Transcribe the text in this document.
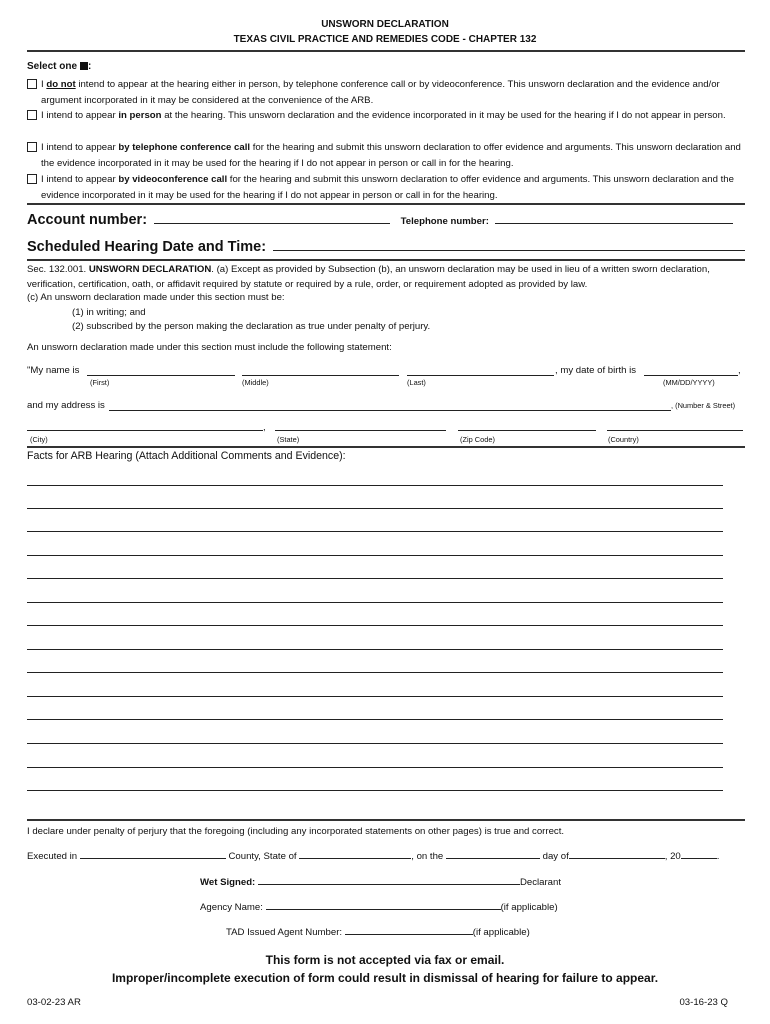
UNSWORN DECLARATION
TEXAS CIVIL PRACTICE AND REMEDIES CODE - CHAPTER 132
Select one :
I do not intend to appear at the hearing either in person, by telephone conference call or by videoconference. This unsworn declaration and the evidence and/or argument incorporated in it may be considered at the convenience of the ARB.
I intend to appear in person at the hearing. This unsworn declaration and the evidence incorporated in it may be used for the hearing if I do not appear in person.
I intend to appear by telephone conference call for the hearing and submit this unsworn declaration to offer evidence and arguments. This unsworn declaration and the evidence incorporated in it may be used for the hearing if I do not appear in person or call in for the hearing.
I intend to appear by videoconference call for the hearing and submit this unsworn declaration to offer evidence and arguments. This unsworn declaration and the evidence incorporated in it may be used for the hearing if I do not appear in person or call in for the hearing.
Account number:	Telephone number:
Scheduled Hearing Date and Time:
Sec. 132.001. UNSWORN DECLARATION. (a) Except as provided by Subsection (b), an unsworn declaration may be used in lieu of a written sworn declaration, verification, certification, oath, or affidavit required by statute or required by a rule, order, or requirement adopted as provided by law.
(c) An unsworn declaration made under this section must be:
(1) in writing; and
(2) subscribed by the person making the declaration as true under penalty of perjury.
An unsworn declaration made under this section must include the following statement:
"My name is	, my date of birth is	,
(First)	(Middle)	(Last)	(MM/DD/YYYY)
and my address is	, (Number & Street)
,
(City)	(State)	(Zip Code)	(Country)
Facts for ARB Hearing (Attach Additional Comments and Evidence):
I declare under penalty of perjury that the foregoing (including any incorporated statements on other pages) is true and correct.
Executed in	County, State of	, on the	day of	, 20	.
Wet Signed:	Declarant
Agency Name:	(if applicable)
TAD Issued Agent Number:	(if applicable)
This form is not accepted via fax or email.
Improper/incomplete execution of form could result in dismissal of hearing for failure to appear.
03-02-23 AR	03-16-23 Q
